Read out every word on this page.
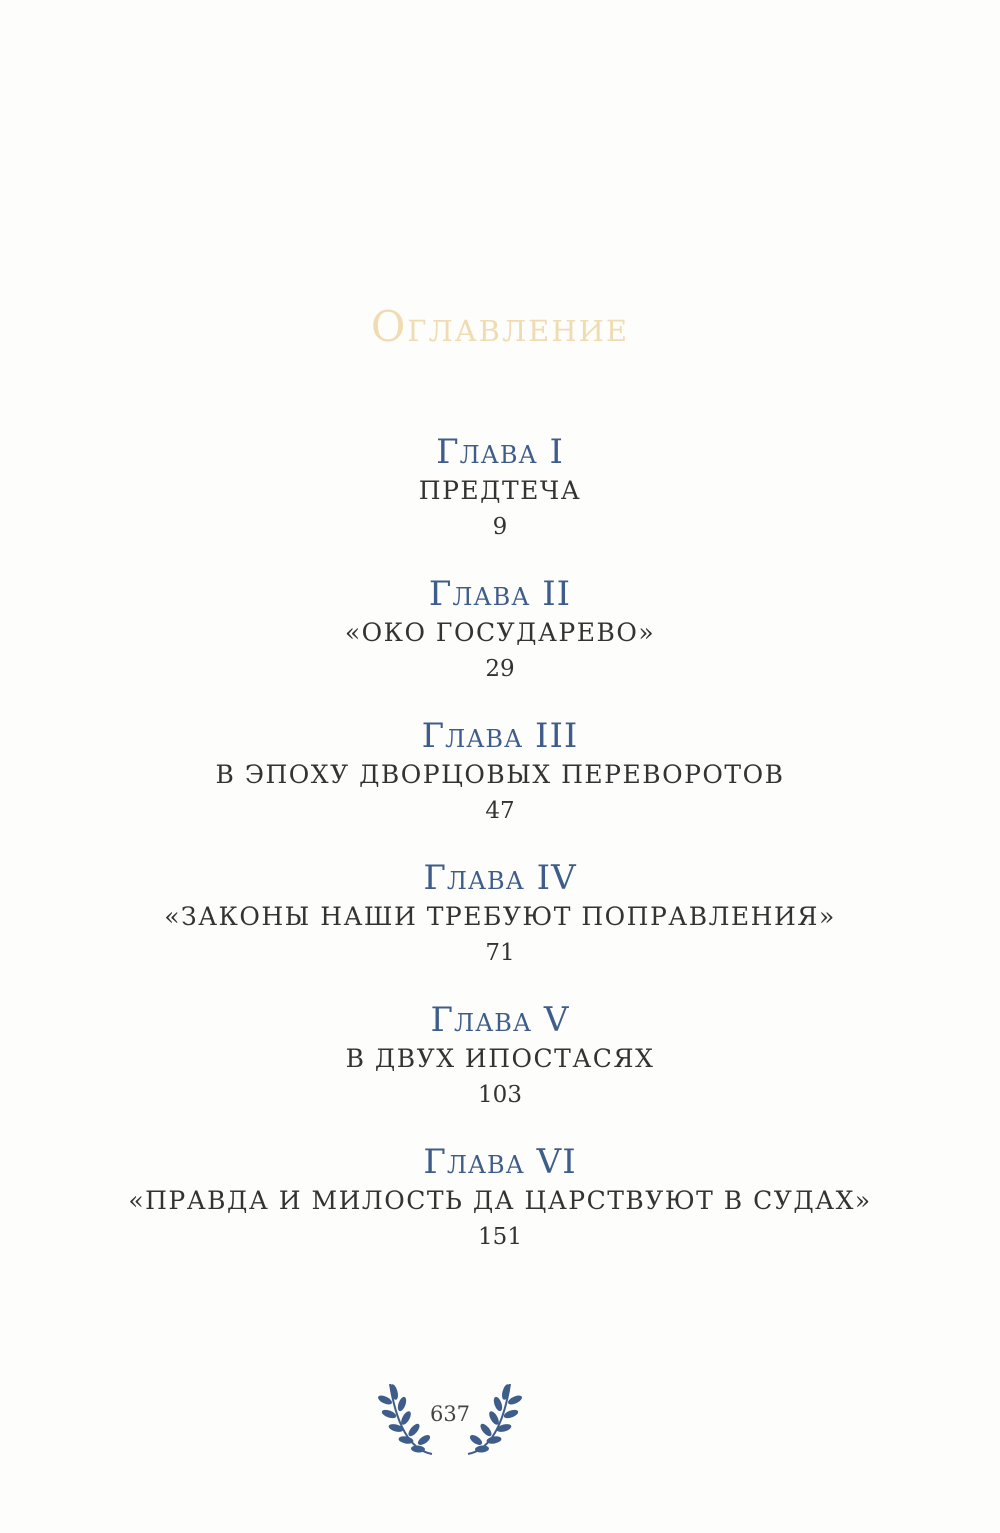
Оглавление
Глава I
ПРЕДТЕЧА
9
Глава II
«ОКО ГОСУДАРЕВО»
29
Глава III
В ЭПОХУ ДВОРЦОВЫХ ПЕРЕВОРОТОВ
47
Глава IV
«ЗАКОНЫ НАШИ ТРЕБУЮТ ПОПРАВЛЕНИЯ»
71
Глава V
В ДВУХ ИПОСТАСЯХ
103
Глава VI
«ПРАВДА И МИЛОСТЬ ДА ЦАРСТВУЮТ В СУДАХ»
151
637
